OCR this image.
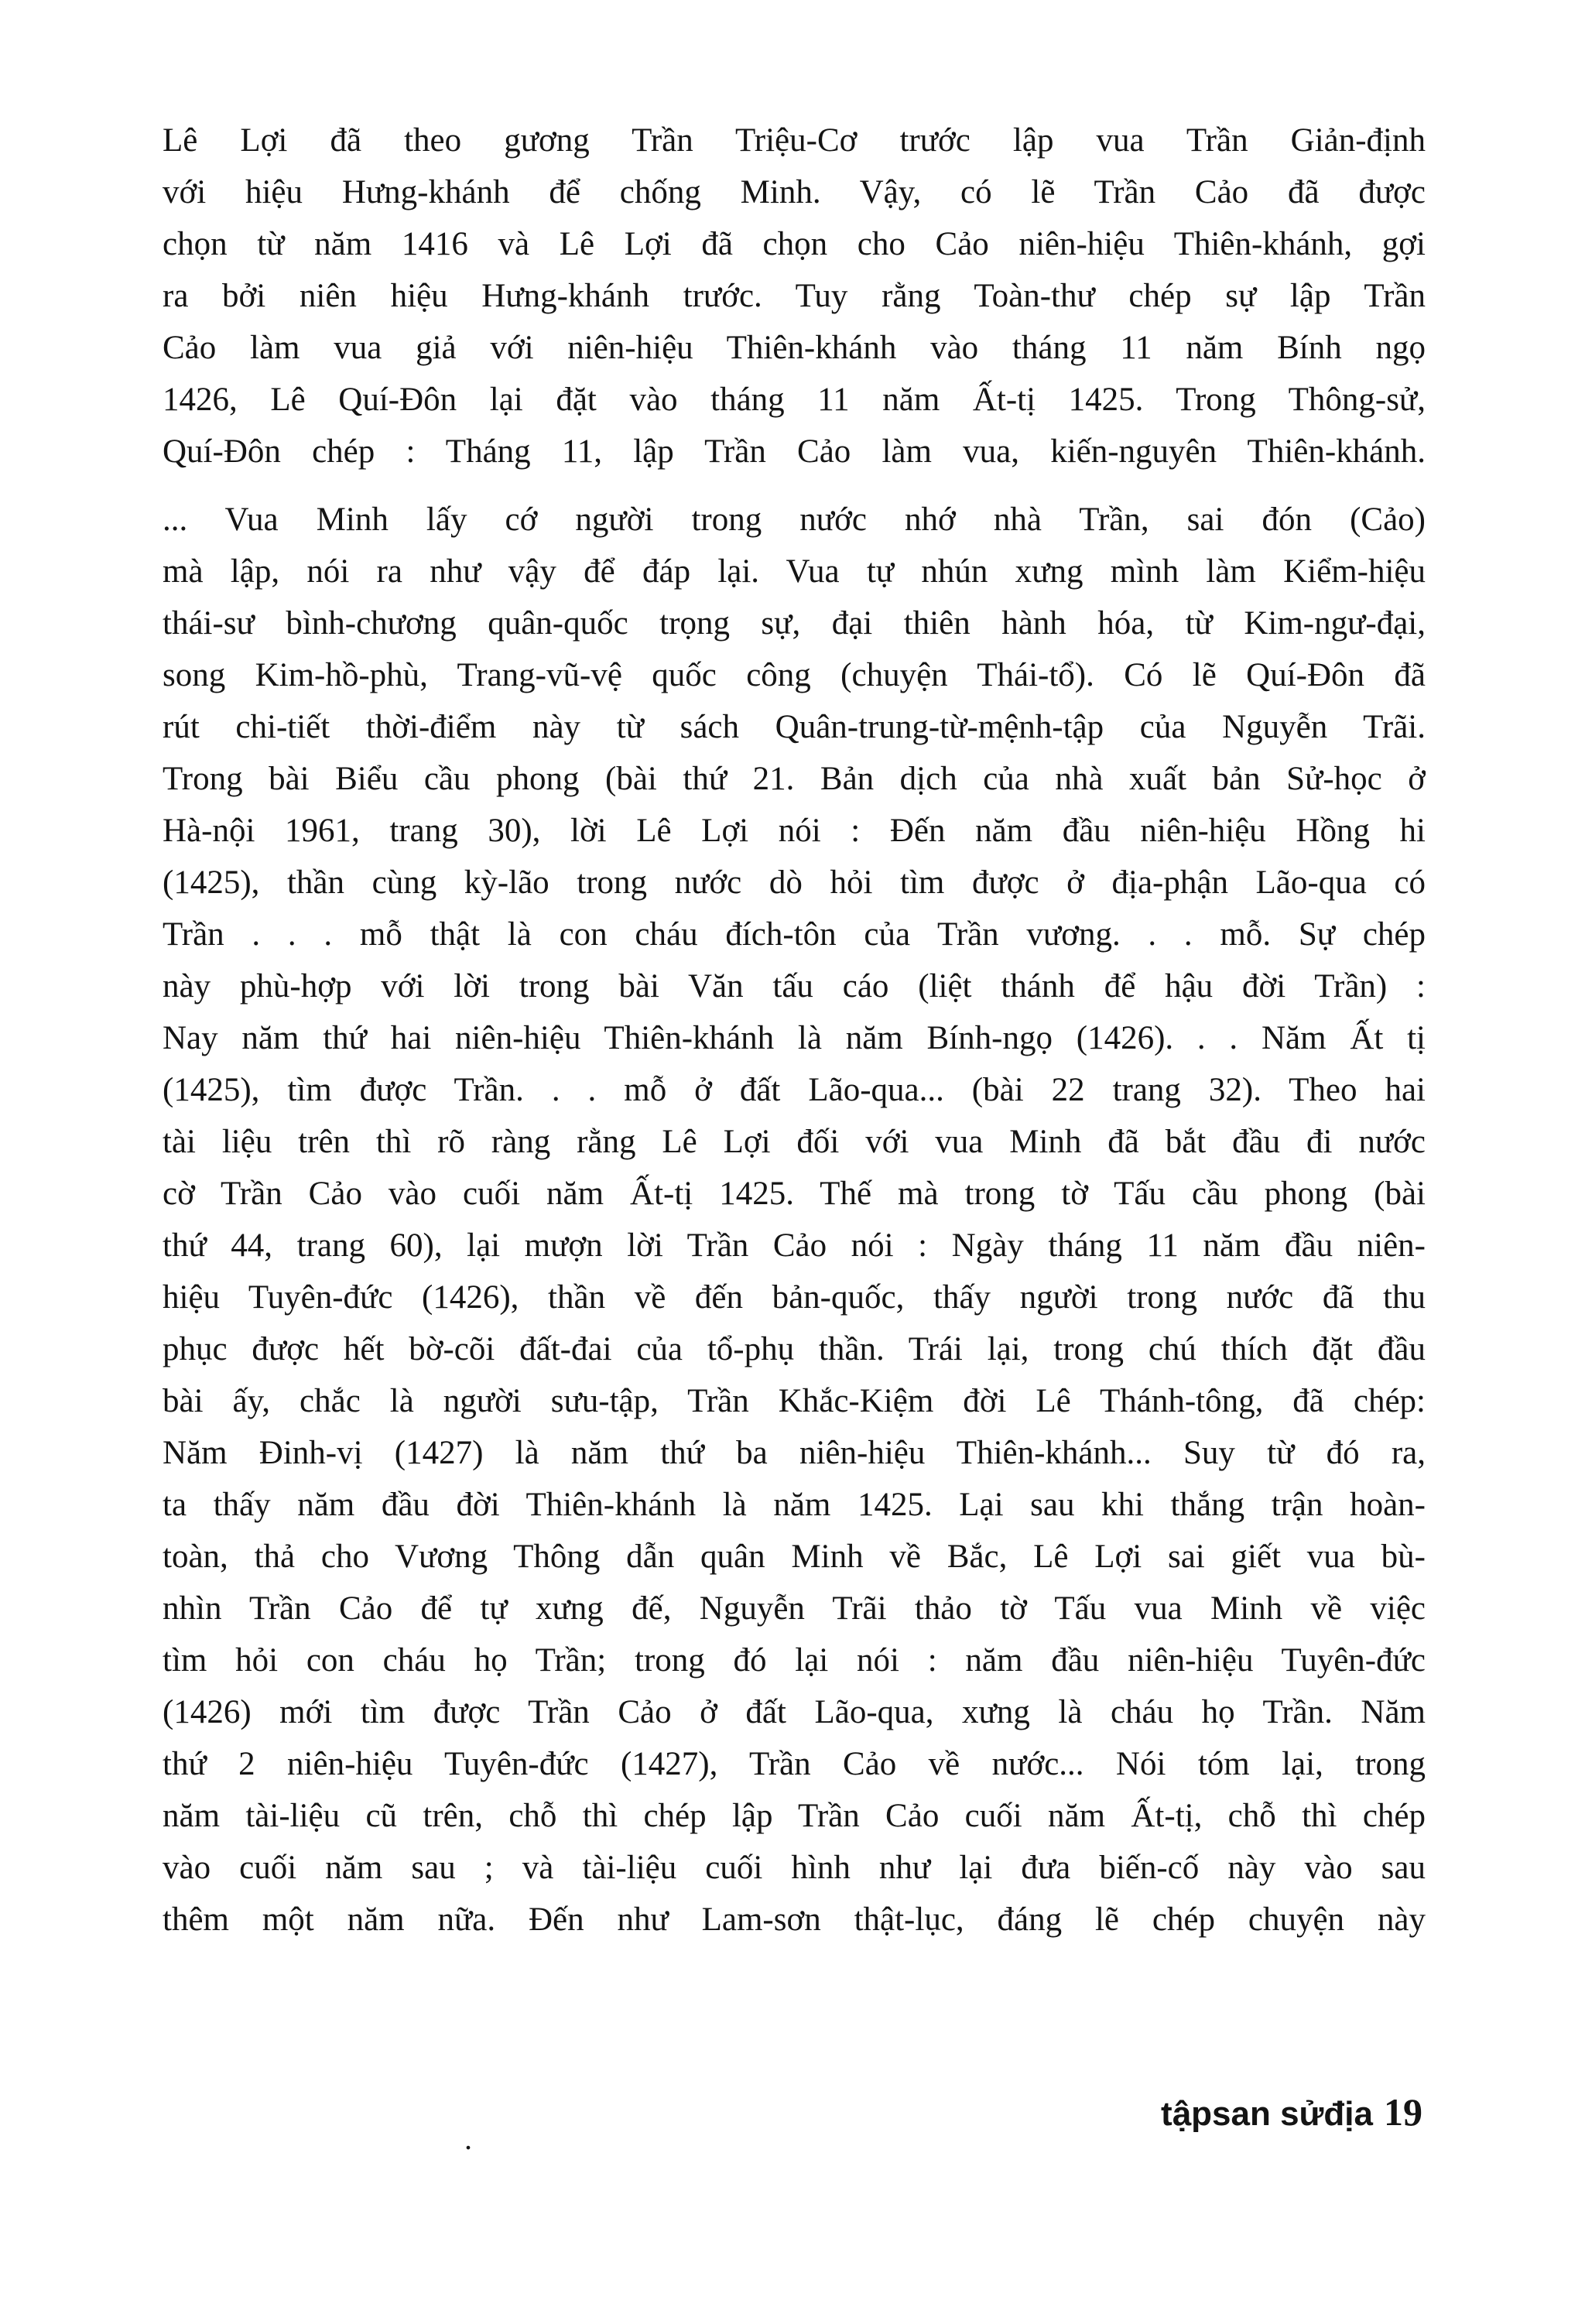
Lê Lợi đã theo gương Trần Triệu-Cơ trước lập vua Trần Giản-định
với hiệu Hưng-khánh để chống Minh. Vậy, có lẽ Trần Cảo đã được
chọn từ năm 1416 và Lê Lợi đã chọn cho Cảo niên-hiệu Thiên-khánh, gợi
ra bởi niên hiệu Hưng-khánh trước. Tuy rằng Toàn-thư chép sự lập Trần
Cảo làm vua giả với niên-hiệu Thiên-khánh vào tháng 11 năm Bính ngọ
1426, Lê Quí-Đôn lại đặt vào tháng 11 năm Ất-tị 1425. Trong Thông-sử,
Quí-Đôn chép : Tháng 11, lập Trần Cảo làm vua, kiến-nguyên Thiên-khánh.
... Vua Minh lấy cớ người trong nước nhớ nhà Trần, sai đón (Cảo)
mà lập, nói ra như vậy để đáp lại. Vua tự nhún xưng mình làm Kiểm-hiệu
thái-sư bình-chương quân-quốc trọng sự, đại thiên hành hóa, từ Kim-ngư-đại,
song Kim-hồ-phù, Trang-vũ-vệ quốc công (chuyện Thái-tổ). Có lẽ Quí-Đôn đã
rút chi-tiết thời-điểm này từ sách Quân-trung-từ-mệnh-tập của Nguyễn Trãi.
Trong bài Biểu cầu phong (bài thứ 21. Bản dịch của nhà xuất bản Sử-học ở
Hà-nội 1961, trang 30), lời Lê Lợi nói : Đến năm đầu niên-hiệu Hồng hi
(1425), thần cùng kỳ-lão trong nước dò hỏi tìm được ở địa-phận Lão-qua có
Trần . . . mỗ thật là con cháu đích-tôn của Trần vương. . . mỗ. Sự chép
này phù-hợp với lời trong bài Văn tấu cáo (liệt thánh để hậu đời Trần) :
Nay năm thứ hai niên-hiệu Thiên-khánh là năm Bính-ngọ (1426). . . Năm Ất tị
(1425), tìm được Trần. . . mỗ ở đất Lão-qua... (bài 22 trang 32). Theo hai
tài liệu trên thì rõ ràng rằng Lê Lợi đối với vua Minh đã bắt đầu đi nước
cờ Trần Cảo vào cuối năm Ất-tị 1425. Thế mà trong tờ Tấu cầu phong (bài
thứ 44, trang 60), lại mượn lời Trần Cảo nói : Ngày tháng 11 năm đầu niên-
hiệu Tuyên-đức (1426), thần về đến bản-quốc, thấy người trong nước đã thu
phục được hết bờ-cõi đất-đai của tổ-phụ thần. Trái lại, trong chú thích đặt đầu
bài ấy, chắc là người sưu-tập, Trần Khắc-Kiệm đời Lê Thánh-tông, đã chép:
Năm Đinh-vị (1427) là năm thứ ba niên-hiệu Thiên-khánh... Suy từ đó ra,
ta thấy năm đầu đời Thiên-khánh là năm 1425. Lại sau khi thắng trận hoàn-
toàn, thả cho Vương Thông dẫn quân Minh về Bắc, Lê Lợi sai giết vua bù-
nhìn Trần Cảo để tự xưng đế, Nguyễn Trãi thảo tờ Tấu vua Minh về việc
tìm hỏi con cháu họ Trần; trong đó lại nói : năm đầu niên-hiệu Tuyên-đức
(1426) mới tìm được Trần Cảo ở đất Lão-qua, xưng là cháu họ Trần. Năm
thứ 2 niên-hiệu Tuyên-đức (1427), Trần Cảo về nước... Nói tóm lại, trong
năm tài-liệu cũ trên, chỗ thì chép lập Trần Cảo cuối năm Ất-tị, chỗ thì chép
vào cuối năm sau ; và tài-liệu cuối hình như lại đưa biến-cố này vào sau
thêm một năm nữa. Đến như Lam-sơn thật-lục, đáng lẽ chép chuyện này
.
tậpsan sửđịa 19
